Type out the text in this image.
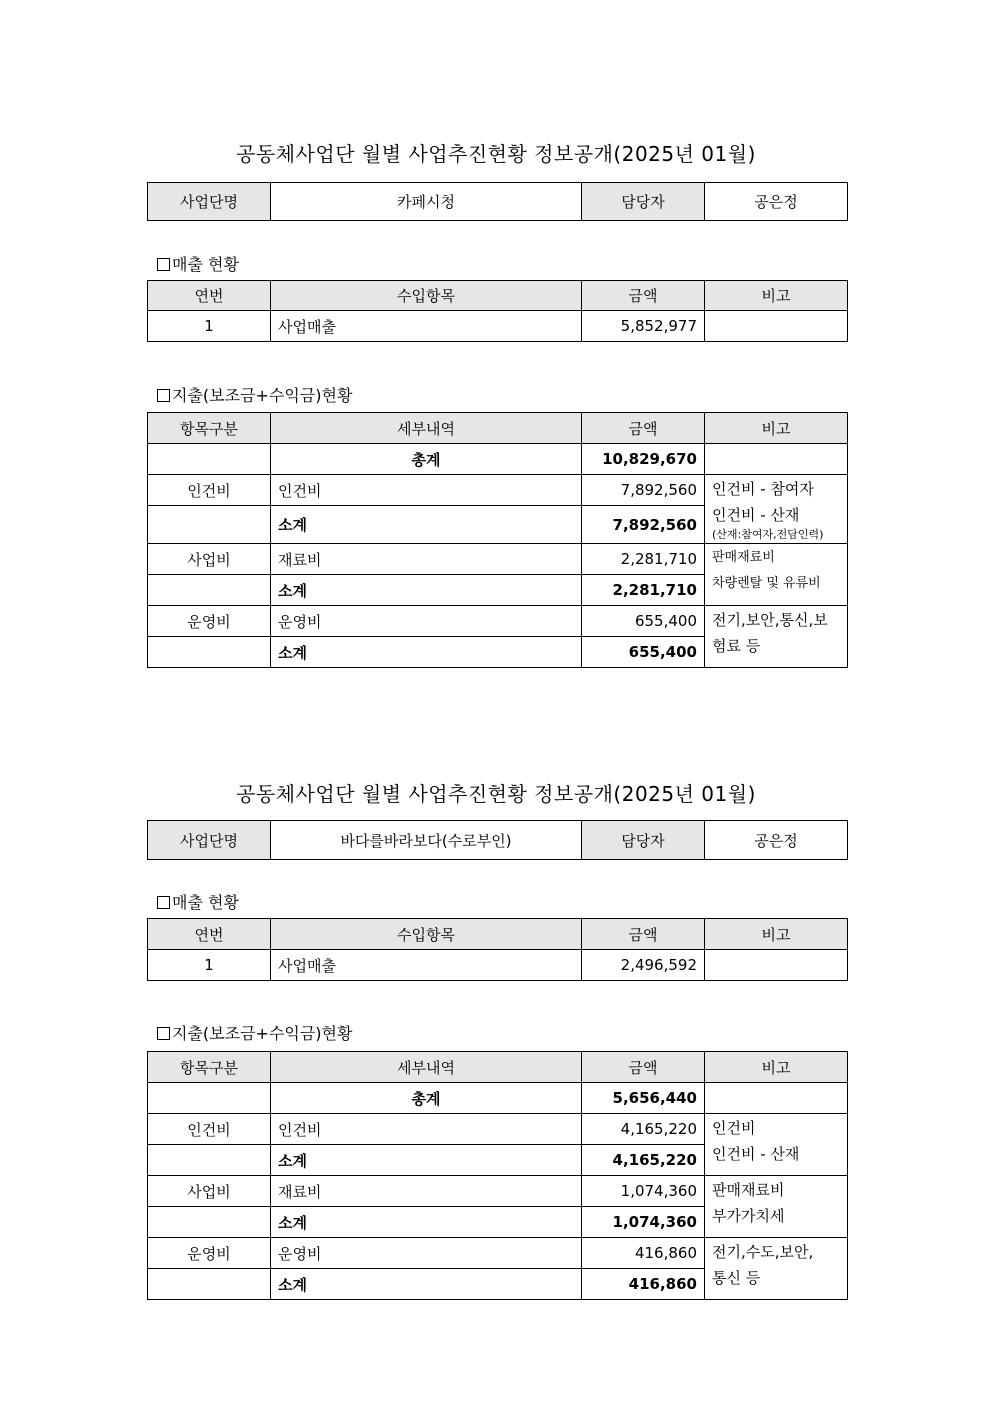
공동체사업단 월별 사업추진현황 정보공개(2025년 01월)
사업단명	카페시청	담당자	공은정
매출 현황
연번	수입항목	금액	비고
1	사업매출	5,852,977	
지출(보조금+수익금)현황
항목구분	세부내역	금액	비고
	총계	10,829,670	
인건비	인건비	7,892,560	인건비 - 참여자
인건비 - 산재
(산재:참여자,전담인력)

	소계	7,892,560	
사업비	재료비	2,281,710	판매재료비
차량렌탈 및 유류비

	소계	2,281,710	
운영비	운영비	655,400	전기,보안,통신,보
험료 등

	소계	655,400	
공동체사업단 월별 사업추진현황 정보공개(2025년 01월)
사업단명	바다를바라보다(수로부인)	담당자	공은정
매출 현황
연번	수입항목	금액	비고
1	사업매출	2,496,592	
지출(보조금+수익금)현황
항목구분	세부내역	금액	비고
	총계	5,656,440	
인건비	인건비	4,165,220	인건비
인건비 - 산재

	소계	4,165,220	
사업비	재료비	1,074,360	판매재료비
부가가치세

	소계	1,074,360	
운영비	운영비	416,860	전기,수도,보안,
통신 등

	소계	416,860	
